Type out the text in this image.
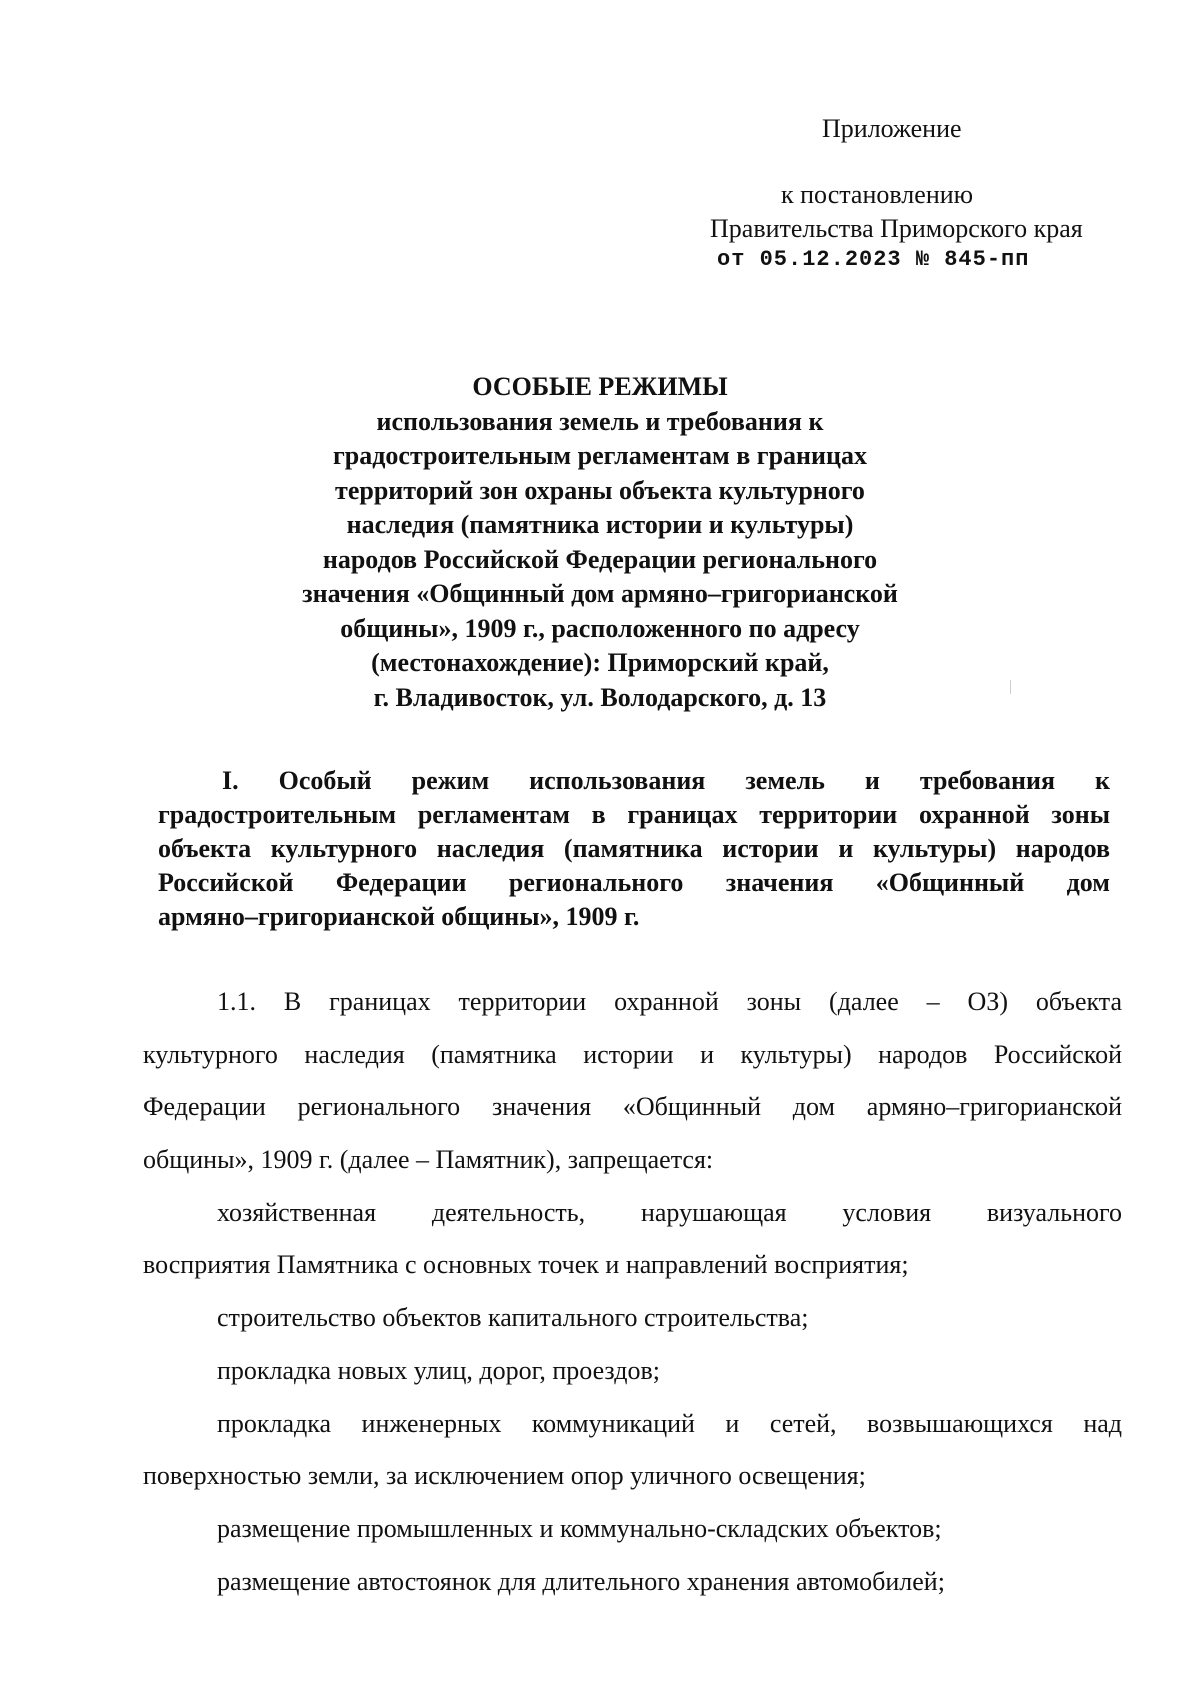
Приложение
к постановлению
Правительства Приморского края
от 05.12.2023 № 845-пп
ОСОБЫЕ РЕЖИМЫ
использования земель и требования к
градостроительным регламентам в границах
территорий зон охраны объекта культурного
наследия (памятника истории и культуры)
народов Российской Федерации регионального
значения «Общинный дом армяно–григорианской
общины», 1909 г., расположенного по адресу
(местонахождение): Приморский край,
г. Владивосток, ул. Володарского, д. 13
I. Особый режим использования земель и требования к
градостроительным регламентам в границах территории охранной зоны
объекта культурного наследия (памятника истории и культуры) народов
Российской Федерации регионального значения «Общинный дом
армяно–григорианской общины», 1909 г.
1.1. В границах территории охранной зоны (далее – ОЗ) объекта
культурного наследия (памятника истории и культуры) народов Российской
Федерации регионального значения «Общинный дом армяно–григорианской
общины», 1909 г. (далее – Памятник), запрещается:
хозяйственная деятельность, нарушающая условия визуального
восприятия Памятника с основных точек и направлений восприятия;
строительство объектов капитального строительства;
прокладка новых улиц, дорог, проездов;
прокладка инженерных коммуникаций и сетей, возвышающихся над
поверхностью земли, за исключением опор уличного освещения;
размещение промышленных и коммунально-складских объектов;
размещение автостоянок для длительного хранения автомобилей;
